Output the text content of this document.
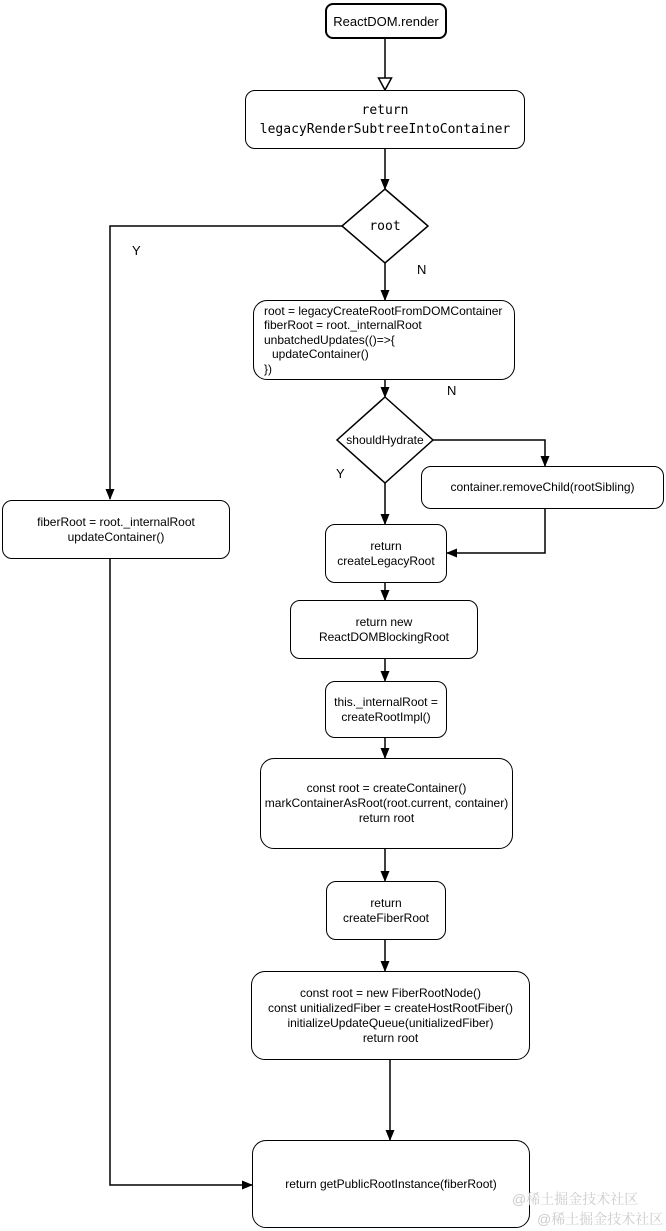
ReactDOM.render
return
legacyRenderSubtreeIntoContainer
root = legacyCreateRootFromDOMContainer
fiberRoot = root._internalRoot
unbatchedUpdates(()=>{
updateContainer()
})
container.removeChild(rootSibling)
return
createLegacyRoot
fiberRoot = root._internalRoot
updateContainer()
return new
ReactDOMBlockingRoot
this._internalRoot =
createRootImpl()
const root = createContainer()
markContainerAsRoot(root.current, container)
return root
return
createFiberRoot
const root = new FiberRootNode()
const unitializedFiber = createHostRootFiber()
initializeUpdateQueue(unitializedFiber)
return root
return getPublicRootInstance(fiberRoot)
root
shouldHydrate
Y
N
N
Y
@稀土掘金技术社区
@稀土掘金技术社区
